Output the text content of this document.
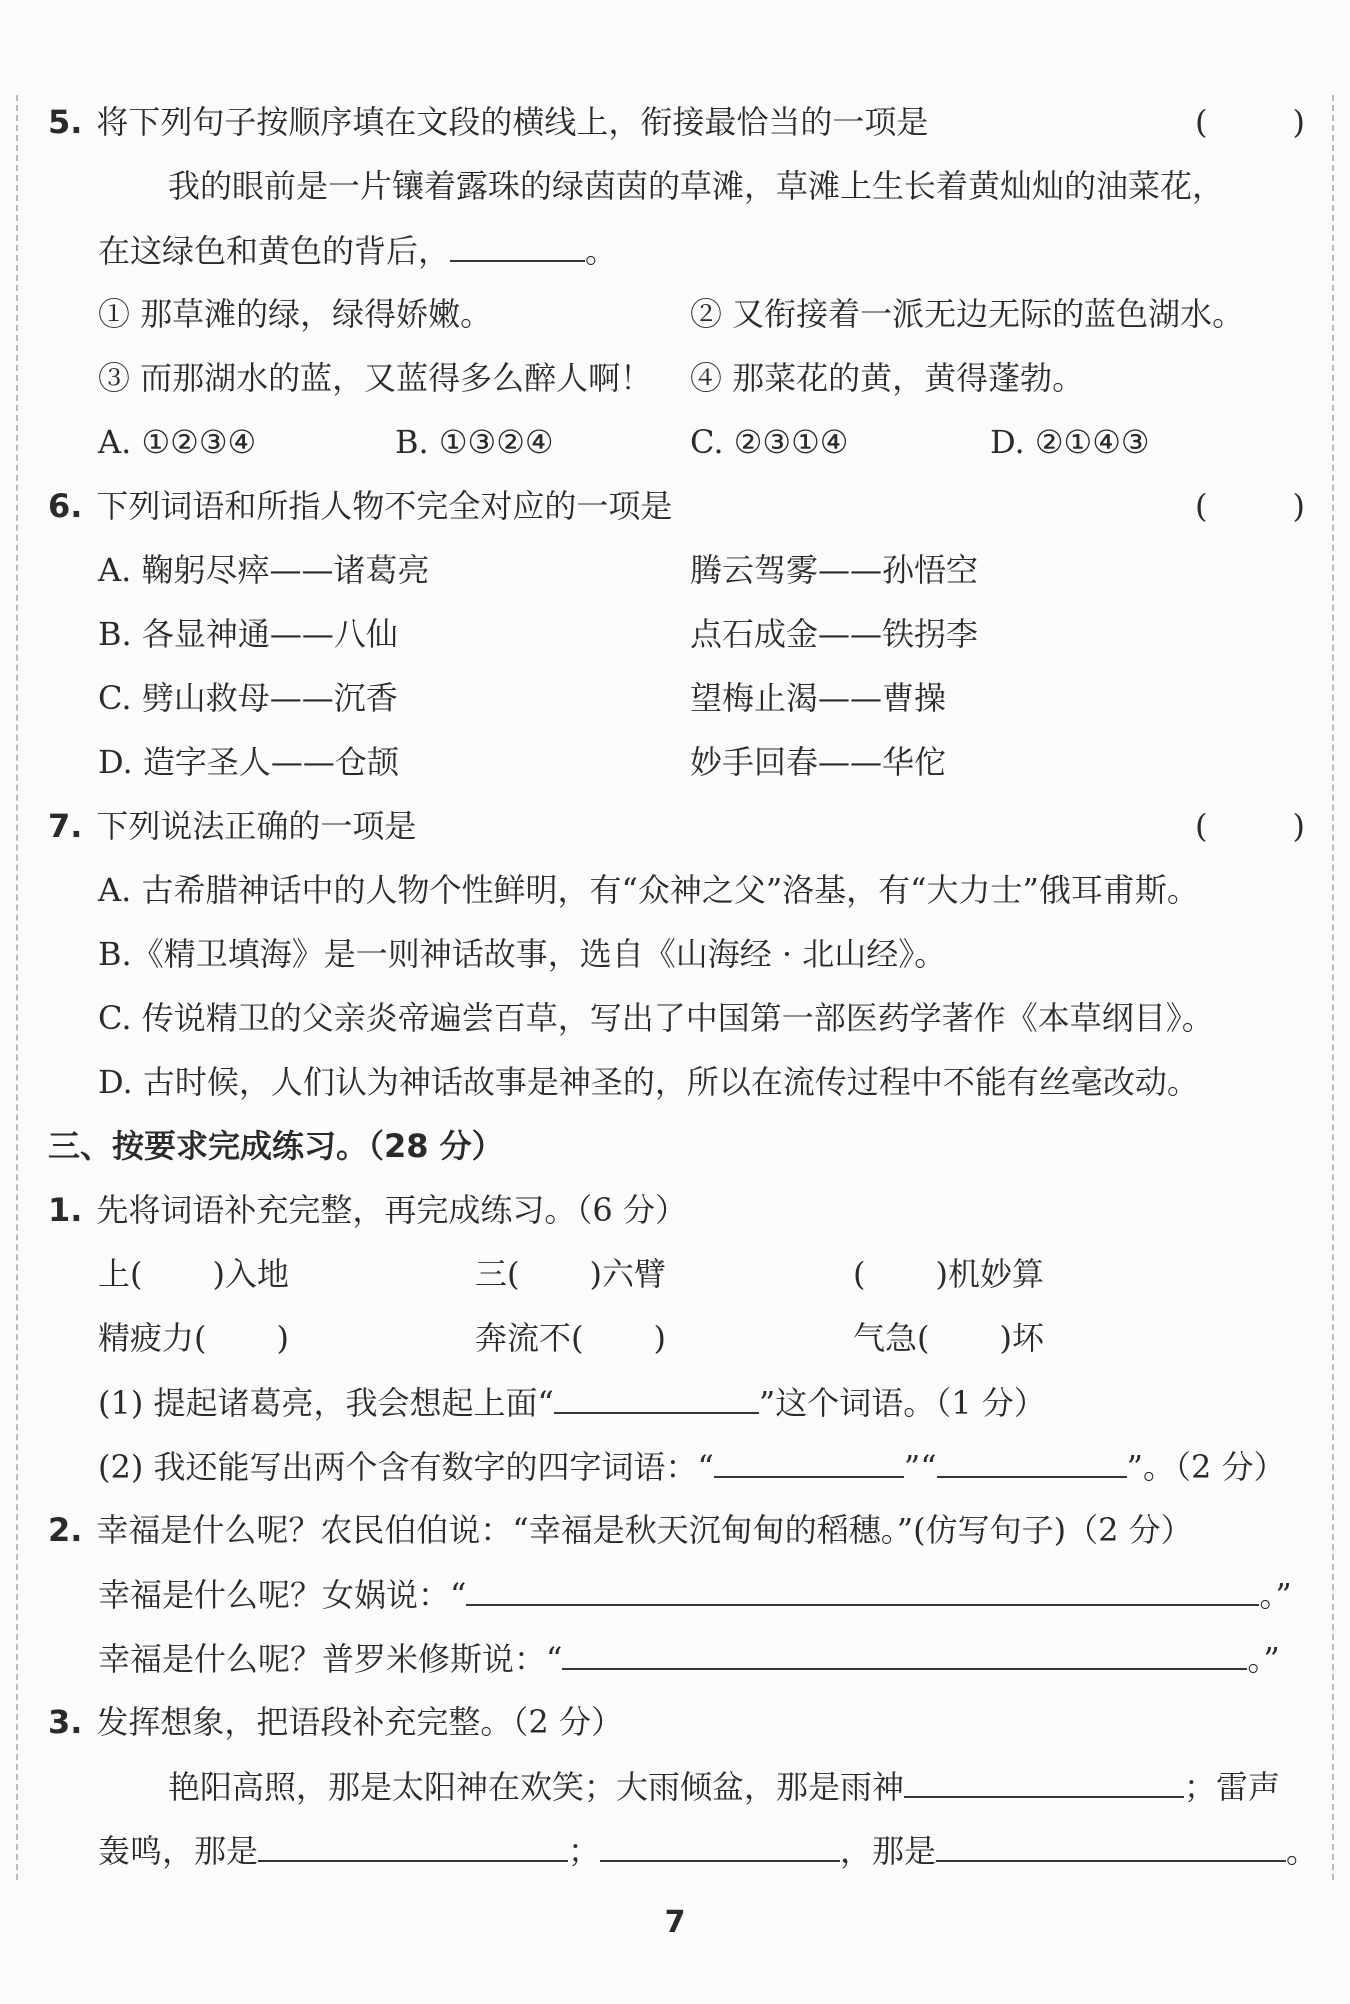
5. 将下列句子按顺序填在文段的横线上，衔接最恰当的一项是	(	)
我的眼前是一片镶着露珠的绿茵茵的草滩，草滩上生长着黄灿灿的油菜花，
在这绿色和黄色的背后，	。
① 那草滩的绿，绿得娇嫩。	② 又衔接着一派无边无际的蓝色湖水。
③ 而那湖水的蓝，又蓝得多么醉人啊！ ④ 那菜花的黄，黄得蓬勃。
A. ①②③④	B. ①③②④	C. ②③①④	D. ②①④③
6. 下列词语和所指人物不完全对应的一项是	(	)
A. 鞠躬尽瘁——诸葛亮	腾云驾雾——孙悟空
B. 各显神通——八仙	点石成金——铁拐李
C. 劈山救母——沉香	望梅止渴——曹操
D. 造字圣人——仓颉	妙手回春——华佗
7. 下列说法正确的一项是	(	)
A. 古希腊神话中的人物个性鲜明，有“众神之父”洛基，有“大力士”俄耳甫斯。
B.《精卫填海》是一则神话故事，选自《山海经 · 北山经》。
C. 传说精卫的父亲炎帝遍尝百草，写出了中国第一部医药学著作《本草纲目》。
D. 古时候，人们认为神话故事是神圣的，所以在流传过程中不能有丝毫改动。
三、按要求完成练习。（28 分）
1. 先将词语补充完整，再完成练习。（6 分）
上( )入地	三( )六臂	( )机妙算
精疲力( )	奔流不( )	气急( )坏
(1) 提起诸葛亮，我会想起上面“	”这个词语。（1 分）
(2) 我还能写出两个含有数字的四字词语：“	”“	”。（2 分）
2. 幸福是什么呢？农民伯伯说：“幸福是秋天沉甸甸的稻穗。”(仿写句子)（2 分）
幸福是什么呢？女娲说：“	。”
幸福是什么呢？普罗米修斯说：“	。”
3. 发挥想象，把语段补充完整。（2 分）
艳阳高照，那是太阳神在欢笑；大雨倾盆，那是雨神	；雷声
轰鸣，那是	；	，那是	。
7
